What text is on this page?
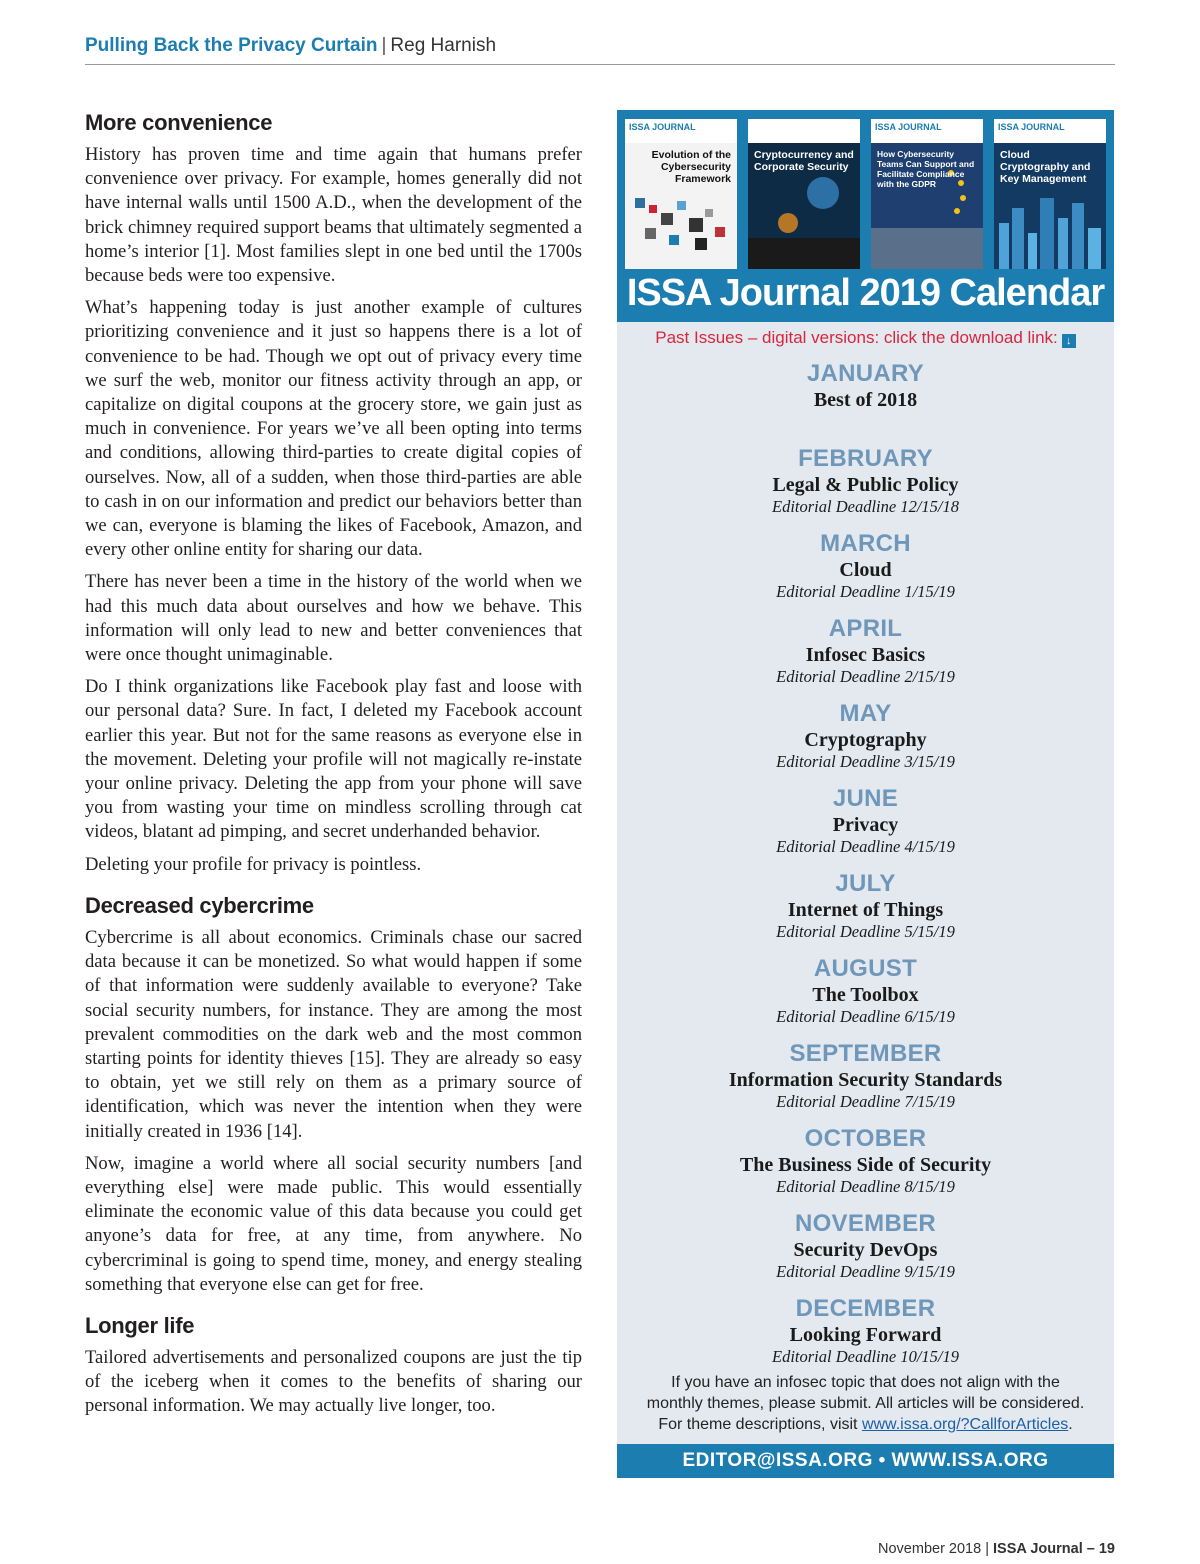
Pulling Back the Privacy Curtain | Reg Harnish
More convenience

History has proven time and time again that humans prefer convenience over privacy. For example, homes generally did not have internal walls until 1500 A.D., when the development of the brick chimney required support beams that ultimately segmented a home’s interior [1]. Most families slept in one bed until the 1700s because beds were too expensive.

What’s happening today is just another example of cultures prioritizing convenience and it just so happens there is a lot of convenience to be had. Though we opt out of privacy every time we surf the web, monitor our fitness activity through an app, or capitalize on digital coupons at the grocery store, we gain just as much in convenience. For years we’ve all been opting into terms and conditions, allowing third-parties to create digital copies of ourselves. Now, all of a sudden, when those third-parties are able to cash in on our information and predict our behaviors better than we can, everyone is blaming the likes of Facebook, Amazon, and every other online entity for sharing our data.

There has never been a time in the history of the world when we had this much data about ourselves and how we behave. This information will only lead to new and better conveniences that were once thought unimaginable.

Do I think organizations like Facebook play fast and loose with our personal data? Sure. In fact, I deleted my Facebook account earlier this year. But not for the same reasons as everyone else in the movement. Deleting your profile will not magically re-instate your online privacy. Deleting the app from your phone will save you from wasting your time on mindless scrolling through cat videos, blatant ad pimping, and secret underhanded behavior.

Deleting your profile for privacy is pointless.

Decreased cybercrime

Cybercrime is all about economics. Criminals chase our sacred data because it can be monetized. So what would happen if some of that information were suddenly available to everyone? Take social security numbers, for instance. They are among the most prevalent commodities on the dark web and the most common starting points for identity thieves [15]. They are already so easy to obtain, yet we still rely on them as a primary source of identification, which was never the intention when they were initially created in 1936 [14].

Now, imagine a world where all social security numbers [and everything else] were made public. This would essentially eliminate the economic value of this data because you could get anyone’s data for free, at any time, from anywhere. No cybercriminal is going to spend time, money, and energy stealing something that everyone else can get for free.

Longer life

Tailored advertisements and personalized coupons are just the tip of the iceberg when it comes to the benefits of sharing our personal information. We may actually live longer, too.

ISSA JOURNAL
Evolution of the Cybersecurity Framework
ISSA JOURNAL
Cryptocurrency and Corporate Security
ISSA JOURNAL
How Cybersecurity Teams Can Support and Facilitate Compliance with the GDPR
ISSA JOURNAL
Cloud Cryptography and Key Management
ISSA Journal 2019 Calendar
Past Issues – digital versions: click the download link: ↓
JANUARY
Best of 2018
FEBRUARY
Legal & Public Policy
Editorial Deadline 12/15/18
MARCH
Cloud
Editorial Deadline 1/15/19
APRIL
Infosec Basics
Editorial Deadline 2/15/19
MAY
Cryptography
Editorial Deadline 3/15/19
JUNE
Privacy
Editorial Deadline 4/15/19
JULY
Internet of Things
Editorial Deadline 5/15/19
AUGUST
The Toolbox
Editorial Deadline 6/15/19
SEPTEMBER
Information Security Standards
Editorial Deadline 7/15/19
OCTOBER
The Business Side of Security
Editorial Deadline 8/15/19
NOVEMBER
Security DevOps
Editorial Deadline 9/15/19
DECEMBER
Looking Forward
Editorial Deadline 10/15/19
If you have an infosec topic that does not align with the
monthly themes, please submit. All articles will be considered.
For theme descriptions, visit www.issa.org/?CallforArticles.
EDITOR@ISSA.ORG • WWW.ISSA.ORG
November 2018 | ISSA Journal – 19
